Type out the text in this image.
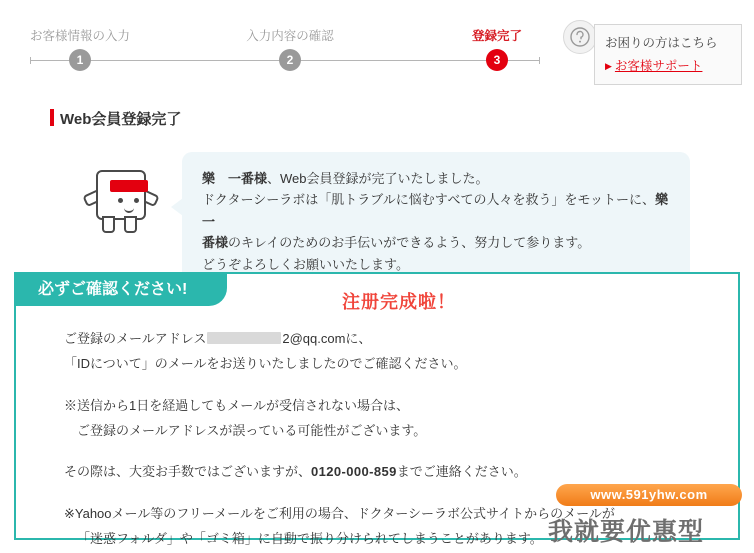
お客様情報の入力	入力内容の確認	登録完了
1	2	3
お困りの方はこちら
▶ お客様サポート
Web会員登録完了
樂　一番様、Web会員登録が完了いたしました。
ドクターシーラボは「肌トラブルに悩むすべての人々を救う」をモットーに、樂　一
番様のキレイのためのお手伝いができるよう、努力して参ります。
どうぞよろしくお願いいたします。
必ずご確認ください!
注册完成啦！
ご登録のメールアドレス	2@qq.comに、
「IDについて」のメールをお送りいたしましたのでご確認ください。
※送信から1日を経過してもメールが受信されない場合は、
ご登録のメールアドレスが誤っている可能性がございます。
その際は、大変お手数ではございますが、0120-000-859までご連絡ください。
※Yahooメール等のフリーメールをご利用の場合、ドクターシーラボ公式サイトからのメールが
「迷惑フォルダ」や「ゴミ箱」に自動で振り分けられてしまうことがあります。
www.591yhw.com
我就要优惠型
